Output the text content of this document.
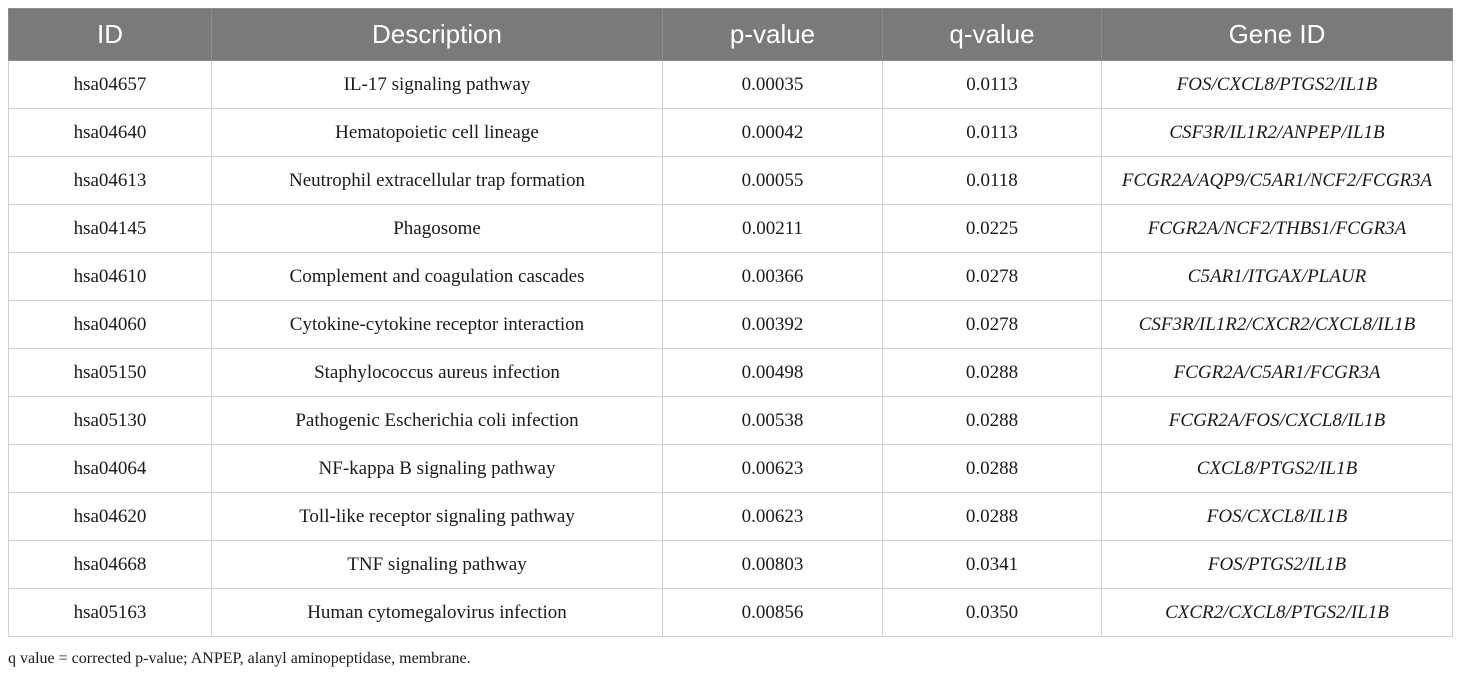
ID	Description	p-value	q-value	Gene ID
hsa04657	IL-17 signaling pathway	0.00035	0.0113	FOS/CXCL8/PTGS2/IL1B
hsa04640	Hematopoietic cell lineage	0.00042	0.0113	CSF3R/IL1R2/ANPEP/IL1B
hsa04613	Neutrophil extracellular trap formation	0.00055	0.0118	FCGR2A/AQP9/C5AR1/NCF2/FCGR3A
hsa04145	Phagosome	0.00211	0.0225	FCGR2A/NCF2/THBS1/FCGR3A
hsa04610	Complement and coagulation cascades	0.00366	0.0278	C5AR1/ITGAX/PLAUR
hsa04060	Cytokine-cytokine receptor interaction	0.00392	0.0278	CSF3R/IL1R2/CXCR2/CXCL8/IL1B
hsa05150	Staphylococcus aureus infection	0.00498	0.0288	FCGR2A/C5AR1/FCGR3A
hsa05130	Pathogenic Escherichia coli infection	0.00538	0.0288	FCGR2A/FOS/CXCL8/IL1B
hsa04064	NF-kappa B signaling pathway	0.00623	0.0288	CXCL8/PTGS2/IL1B
hsa04620	Toll-like receptor signaling pathway	0.00623	0.0288	FOS/CXCL8/IL1B
hsa04668	TNF signaling pathway	0.00803	0.0341	FOS/PTGS2/IL1B
hsa05163	Human cytomegalovirus infection	0.00856	0.0350	CXCR2/CXCL8/PTGS2/IL1B
q value = corrected p-value; ANPEP, alanyl aminopeptidase, membrane.
